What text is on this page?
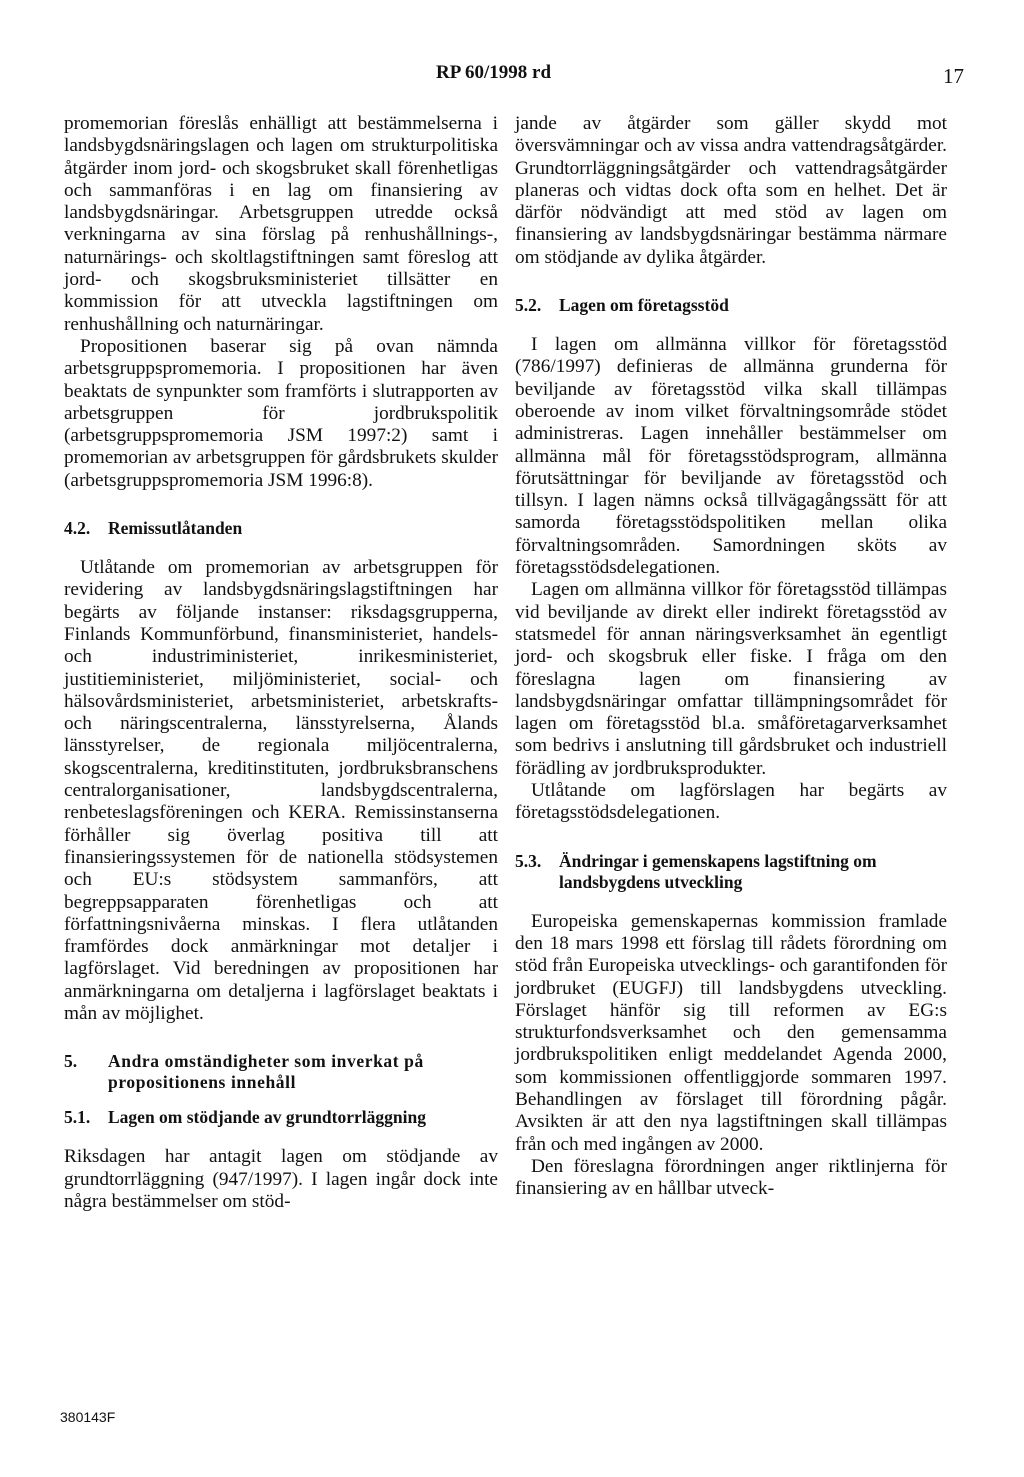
RP 60/1998 rd	17

promemorian föreslås enhälligt att bestämmelserna i landsbygdsnäringslagen och lagen om strukturpolitiska åtgärder inom jord- och skogsbruket skall förenhetligas och sammanföras i en lag om finansiering av landsbygdsnäringar. Arbetsgruppen utredde också verkningarna av sina förslag på renhushållnings-, naturnärings- och skoltlagstiftningen samt föreslog att jord- och skogsbruksministeriet tillsätter en kommission för att utveckla lagstiftningen om renhushållning och naturnäringar.

Propositionen baserar sig på ovan nämnda arbetsgruppspromemoria. I propositionen har även beaktats de synpunkter som framförts i slutrapporten av arbetsgruppen för jordbrukspolitik (arbetsgruppspromemoria JSM 1997:2) samt i promemorian av arbetsgruppen för gårdsbrukets skulder (arbetsgruppspromemoria JSM 1996:8).

4.2.	Remissutlåtanden

Utlåtande om promemorian av arbetsgruppen för revidering av landsbygdsnäringslagstiftningen har begärts av följande instanser: riksdagsgrupperna, Finlands Kommunförbund, finansministeriet, handels- och industriministeriet, inrikesministeriet, justitieministeriet, miljöministeriet, social- och hälsovårdsministeriet, arbetsministeriet, arbetskrafts- och näringscentralerna, länsstyrelserna, Ålands länsstyrelser, de regionala miljöcentralerna, skogscentralerna, kreditinstituten, jordbruksbranschens centralorganisationer, landsbygdscentralerna, renbeteslagsföreningen och KERA. Remissinstanserna förhåller sig överlag positiva till att finansieringssystemen för de nationella stödsystemen och EU:s stödsystem sammanförs, att begreppsapparaten förenhetligas och att författningsnivåerna minskas. I flera utlåtanden framfördes dock anmärkningar mot detaljer i lagförslaget. Vid beredningen av propositionen har anmärkningarna om detaljerna i lagförslaget beaktats i mån av möjlighet.

5.	Andra omständigheter som inverkat på propositionens innehåll
5.1.	Lagen om stödjande av grundtorrläggning

Riksdagen har antagit lagen om stödjande av grundtorrläggning (947/1997). I lagen ingår dock inte några bestämmelser om stöd-

jande av åtgärder som gäller skydd mot översvämningar och av vissa andra vattendragsåtgärder. Grundtorrläggningsåtgärder och vattendragsåtgärder planeras och vidtas dock ofta som en helhet. Det är därför nödvändigt att med stöd av lagen om finansiering av landsbygdsnäringar bestämma närmare om stödjande av dylika åtgärder.

5.2.	Lagen om företagsstöd

I lagen om allmänna villkor för företagsstöd (786/1997) definieras de allmänna grunderna för beviljande av företagsstöd vilka skall tillämpas oberoende av inom vilket förvaltningsområde stödet administreras. Lagen innehåller bestämmelser om allmänna mål för företagsstödsprogram, allmänna förutsättningar för beviljande av företagsstöd och tillsyn. I lagen nämns också tillvägagångssätt för att samorda företagsstödspolitiken mellan olika förvaltningsområden. Samordningen sköts av företagsstödsdelegationen.

Lagen om allmänna villkor för företagsstöd tillämpas vid beviljande av direkt eller indirekt företagsstöd av statsmedel för annan näringsverksamhet än egentligt jord- och skogsbruk eller fiske. I fråga om den föreslagna lagen om finansiering av landsbygdsnäringar omfattar tillämpningsområdet för lagen om företagsstöd bl.a. småföretagarverksamhet som bedrivs i anslutning till gårdsbruket och industriell förädling av jordbruksprodukter.

Utlåtande om lagförslagen har begärts av företagsstödsdelegationen.

5.3.	Ändringar i gemenskapens lagstiftning om landsbygdens utveckling

Europeiska gemenskapernas kommission framlade den 18 mars 1998 ett förslag till rådets förordning om stöd från Europeiska utvecklings- och garantifonden för jordbruket (EUGFJ) till landsbygdens utveckling. Förslaget hänför sig till reformen av EG:s strukturfondsverksamhet och den gemensamma jordbrukspolitiken enligt meddelandet Agenda 2000, som kommissionen offentliggjorde sommaren 1997. Behandlingen av förslaget till förordning pågår. Avsikten är att den nya lagstiftningen skall tillämpas från och med ingången av 2000.

Den föreslagna förordningen anger riktlinjerna för finansiering av en hållbar utveck-

380143F
